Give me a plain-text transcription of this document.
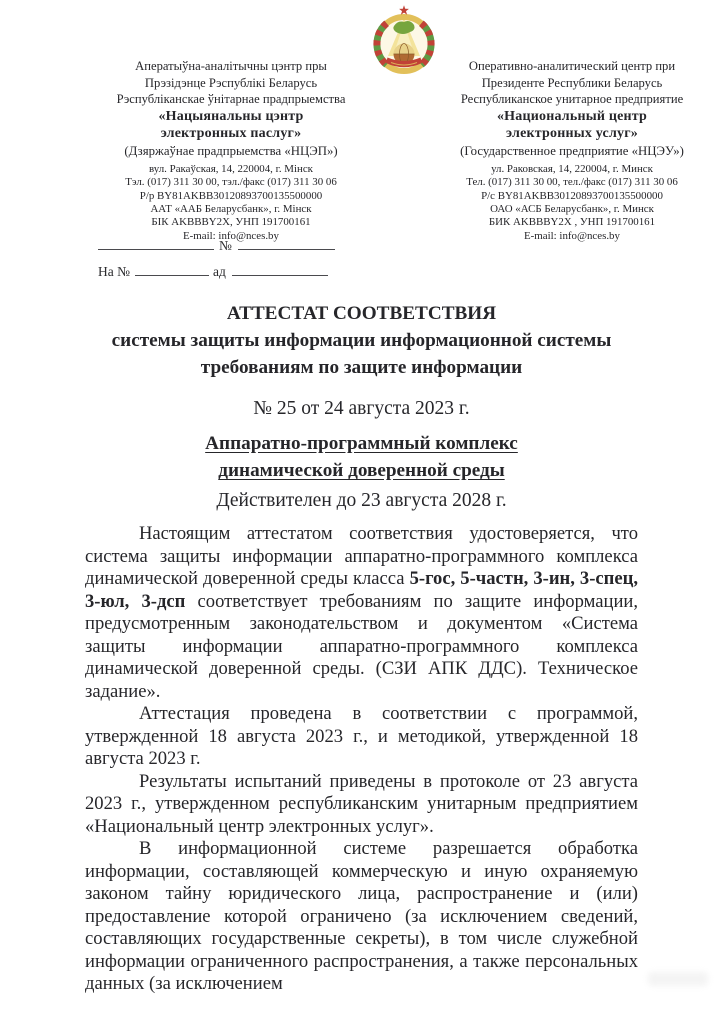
Аператыўна-аналітычны цэнтр пры
Прэзідэнце Рэспублікі Беларусь
Рэспубліканскае ўнітарнае прадпрыемства
«Нацыянальны цэнтр
электронных паслуг»
(Дзяржаўнае прадпрыемства «НЦЭП»)
вул. Ракаўская, 14, 220004, г. Мінск
Тэл. (017) 311 30 00, тэл./факс (017) 311 30 06
Р/р BY81AKBB30120893700135500000
ААТ «ААБ Беларусбанк», г. Мінск
БІК AKBBBY2X, УНП 191700161
E-mail: info@nces.by
Оперативно-аналитический центр при
Президенте Республики Беларусь
Республиканское унитарное предприятие
«Национальный центр
электронных услуг»
(Государственное предприятие «НЦЭУ»)
ул. Раковская, 14, 220004, г. Минск
Тел. (017) 311 30 00, тел./факс (017) 311 30 06
Р/с BY81AKBB30120893700135500000
ОАО «АСБ Беларусбанк», г. Минск
БИК AKBBBY2X , УНП 191700161
E-mail: info@nces.by
№
На №	ад
АТТЕСТАТ СООТВЕТСТВИЯ
системы защиты информации информационной системы
требованиям по защите информации
№ 25 от 24 августа 2023 г.
Аппаратно-программный комплекс
динамической доверенной среды
Действителен до 23 августа 2028 г.

Настоящим аттестатом соответствия удостоверяется, что система защиты информации аппаратно-программного комплекса динамической доверенной среды класса 5-гос, 5-частн, 3-ин, 3-спец, 3-юл, 3-дсп соответствует требованиям по защите информации, предусмотренным законодательством и документом «Система защиты информации аппаратно-программного комплекса динамической доверенной среды. (СЗИ АПК ДДС). Техническое задание».

Аттестация проведена в соответствии с программой, утвержденной 18 августа 2023 г., и методикой, утвержденной 18 августа 2023 г.

Результаты испытаний приведены в протоколе от 23 августа 2023 г., утвержденном республиканским унитарным предприятием «Национальный центр электронных услуг».

В информационной системе разрешается обработка информации, составляющей коммерческую и иную охраняемую законом тайну юридического лица, распространение и (или) предоставление которой ограничено (за исключением сведений, составляющих государственные секреты), в том числе служебной информации ограниченного распространения, а также персональных данных (за исключением
